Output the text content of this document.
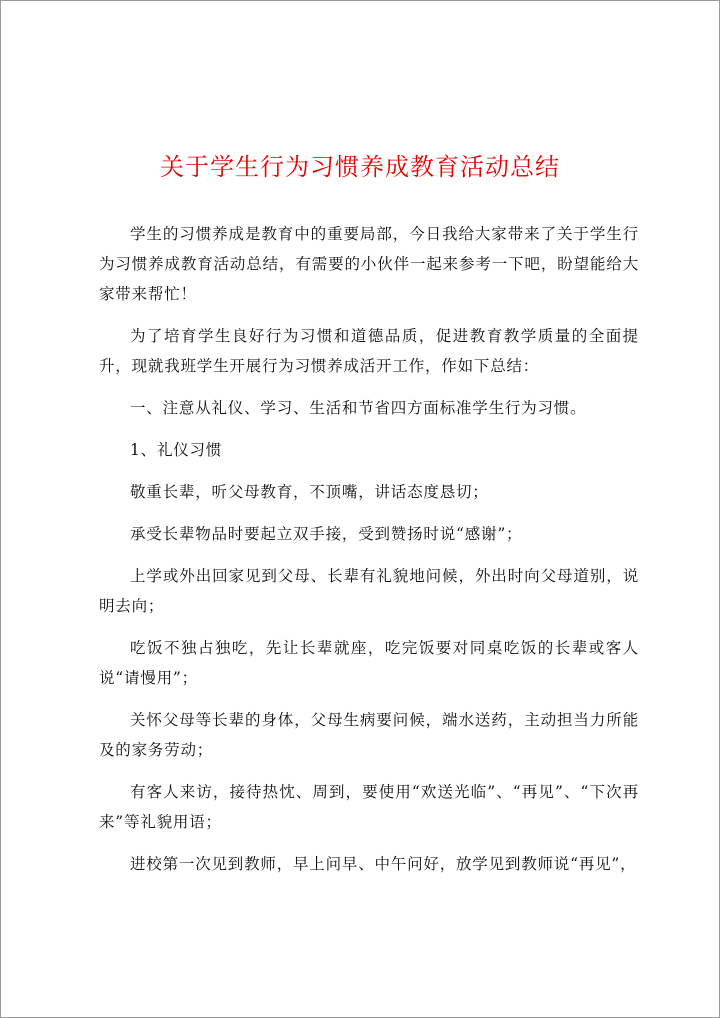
关于学生行为习惯养成教育活动总结

学生的习惯养成是教育中的重要局部，今日我给大家带来了关于学生行为习惯养成教育活动总结，有需要的小伙伴一起来参考一下吧，盼望能给大家带来帮忙！

为了培育学生良好行为习惯和道德品质，促进教育教学质量的全面提升，现就我班学生开展行为习惯养成活开工作，作如下总结：

一、注意从礼仪、学习、生活和节省四方面标准学生行为习惯。

1、礼仪习惯

敬重长辈，听父母教育，不顶嘴，讲话态度恳切；

承受长辈物品时要起立双手接，受到赞扬时说“感谢”；

上学或外出回家见到父母、长辈有礼貌地问候，外出时向父母道别，说明去向；

吃饭不独占独吃，先让长辈就座，吃完饭要对同桌吃饭的长辈或客人说“请慢用”；

关怀父母等长辈的身体，父母生病要问候，端水送药，主动担当力所能及的家务劳动；

有客人来访，接待热忱、周到，要使用“欢送光临”、“再见”、“下次再来”等礼貌用语；

进校第一次见到教师，早上问早、中午问好，放学见到教师说“再见”，
